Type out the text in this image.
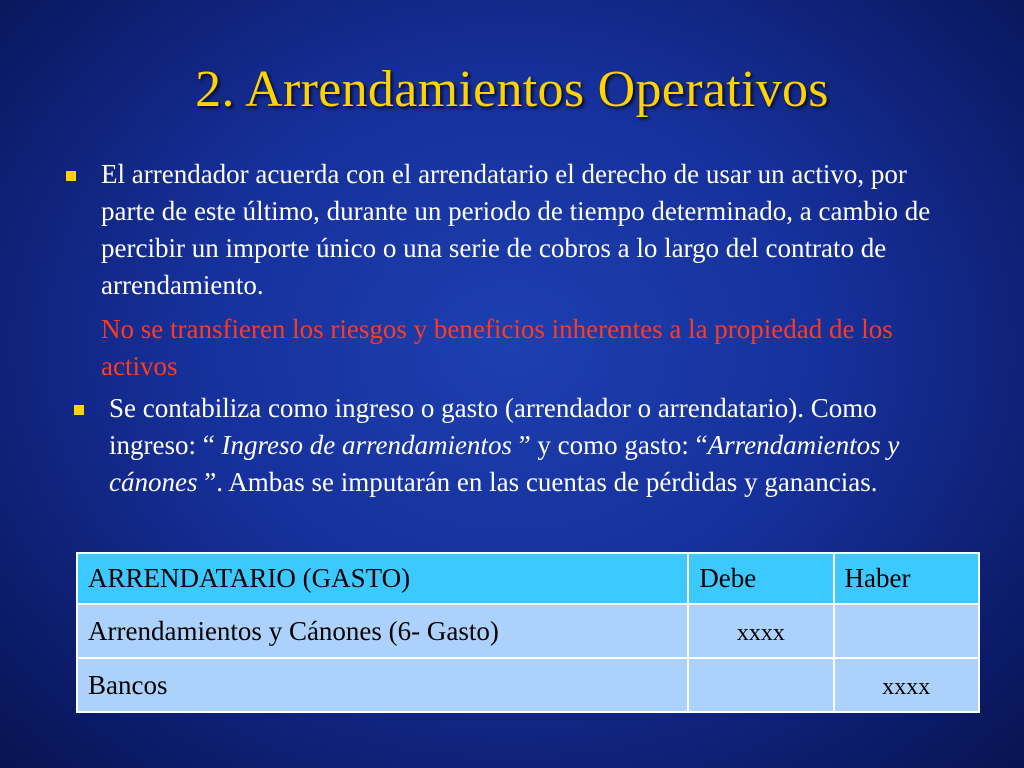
2. Arrendamientos Operativos
El arrendador acuerda con el arrendatario el derecho de usar un activo, por parte de este último, durante un periodo de tiempo determinado, a cambio de percibir un importe único o una serie de cobros a lo largo del contrato de arrendamiento.
No se transfieren los riesgos y beneficios inherentes a la propiedad de los activos
Se contabiliza como ingreso o gasto (arrendador o arrendatario). Como ingreso: “ Ingreso de arrendamientos ” y como gasto: “Arrendamientos y cánones ”. Ambas se imputarán en las cuentas de pérdidas y ganancias.
ARRENDATARIO (GASTO)	Debe	Haber
Arrendamientos y Cánones (6- Gasto)	xxxx	
Bancos		xxxx
